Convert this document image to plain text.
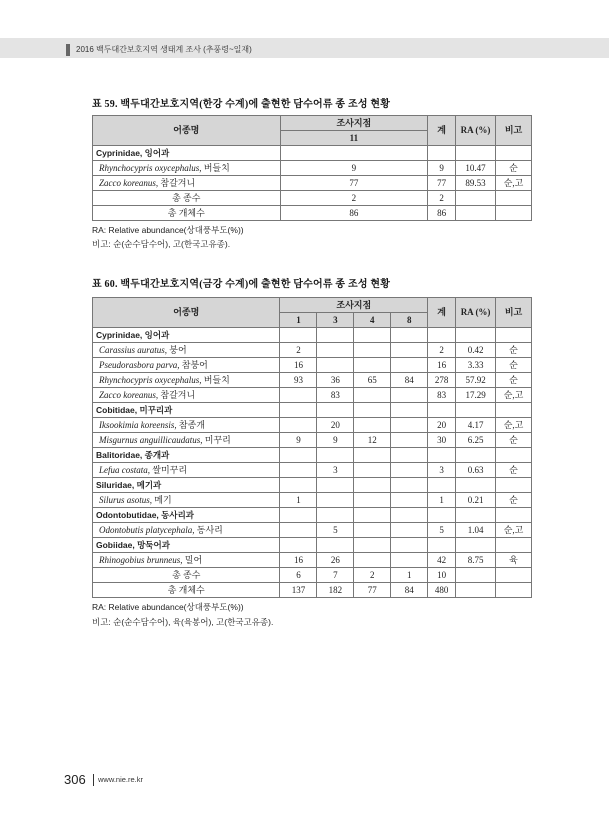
2016 백두대간보호지역 생태계 조사 (추풍령~일재)
표 59. 백두대간보호지역(한강 수계)에 출현한 담수어류 종 조성 현황
어종명	조사지점	계	RA (%)	비고
	11			
Cyprinidae, 잉어과				
Rhynchocypris oxycephalus, 버들치	9	9	10.47	순
Zacco koreanus, 참갈겨니	77	77	89.53	순,고
총 종수	2	2		
총 개체수	86	86		
RA: Relative abundance(상대풍부도(%))
비고: 순(순수담수어), 고(한국고유종).
표 60. 백두대간보호지역(금강 수계)에 출현한 담수어류 종 조성 현황
어종명	조사지점				계	RA (%)	비고
	1	3	4	8			
Cyprinidae, 잉어과							
Carassius auratus, 붕어	2				2	0.42	순
Pseudorasbora parva, 참붕어	16				16	3.33	순
Rhynchocypris oxycephalus, 버들치	93	36	65	84	278	57.92	순
Zacco koreanus, 참갈겨니		83			83	17.29	순,고
Cobitidae, 미꾸리과							
Iksookimia koreensis, 참종개		20			20	4.17	순,고
Misgurnus anguillicaudatus, 미꾸리	9	9	12		30	6.25	순
Balitoridae, 종개과							
Lefua costata, 쌀미꾸리		3			3	0.63	순
Siluridae, 메기과							
Silurus asotus, 메기	1				1	0.21	순
Odontobutidae, 동사리과							
Odontobutis platycephala, 동사리		5			5	1.04	순,고
Gobiidae, 망둑어과							
Rhinogobius brunneus, 밀어	16	26			42	8.75	육
총 종수	6	7	2	1	10		
총 개체수	137	182	77	84	480		
RA: Relative abundance(상대풍부도(%))
비고: 순(순수담수어), 육(육봉어), 고(한국고유종).
306 www.nie.re.kr
